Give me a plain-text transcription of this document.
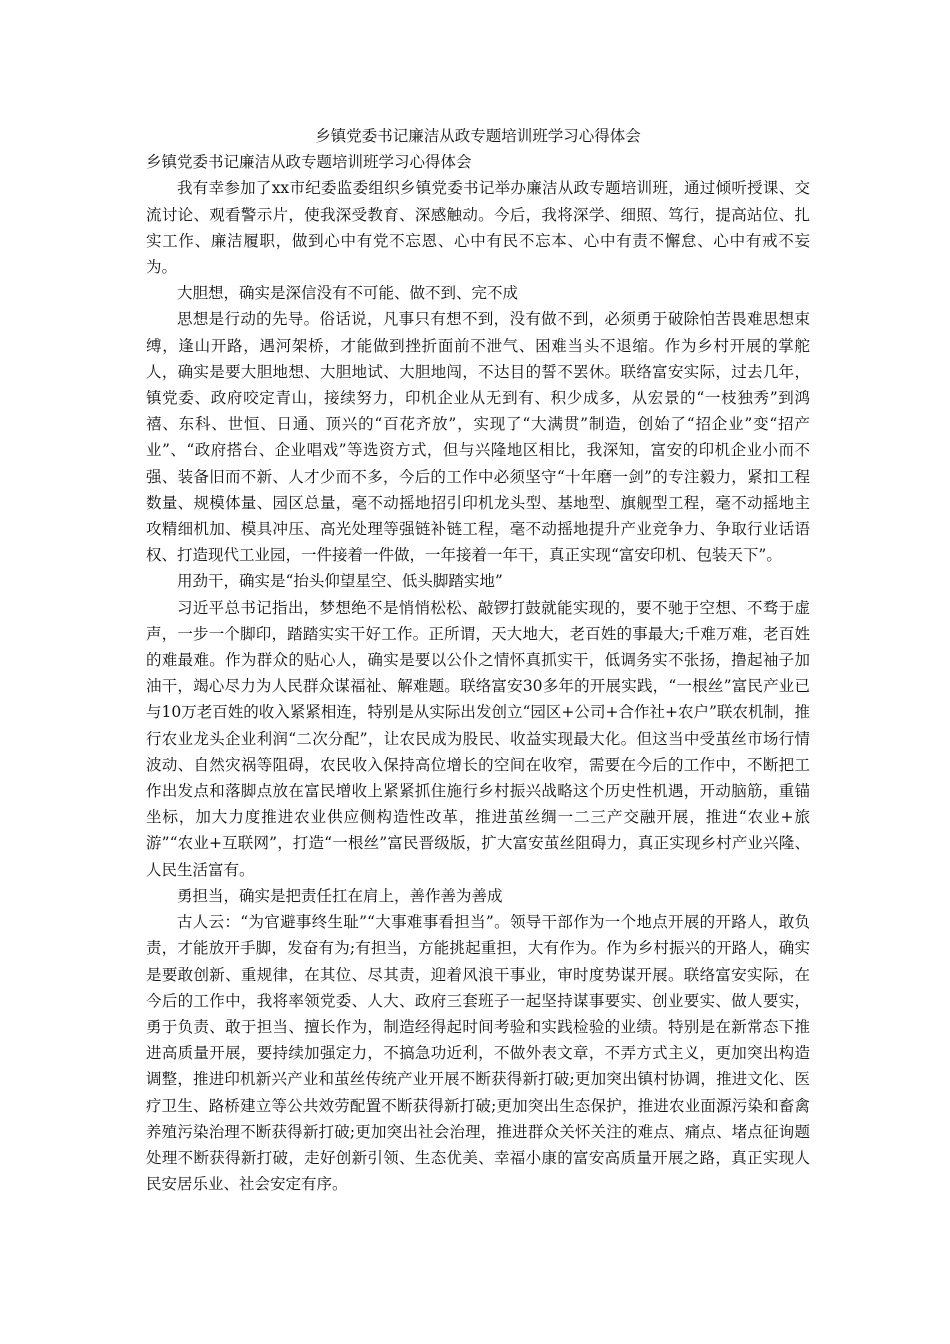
乡镇党委书记廉洁从政专题培训班学习心得体会

乡镇党委书记廉洁从政专题培训班学习心得体会

我有幸参加了xx市纪委监委组织乡镇党委书记举办廉洁从政专题培训班，通过倾听授课、交流讨论、观看警示片，使我深受教育、深感触动。今后，我将深学、细照、笃行，提高站位、扎实工作、廉洁履职，做到心中有党不忘恩、心中有民不忘本、心中有责不懈怠、心中有戒不妄为。

大胆想，确实是深信没有不可能、做不到、完不成

思想是行动的先导。俗话说，凡事只有想不到，没有做不到，必须勇于破除怕苦畏难思想束缚，逢山开路，遇河架桥，才能做到挫折面前不泄气、困难当头不退缩。作为乡村开展的掌舵人，确实是要大胆地想、大胆地试、大胆地闯，不达目的誓不罢休。联络富安实际，过去几年，镇党委、政府咬定青山，接续努力，印机企业从无到有、积少成多，从宏景的“一枝独秀”到鸿禧、东科、世恒、日通、顶兴的“百花齐放”，实现了“大满贯”制造，创始了“招企业”变“招产业”、“政府搭台、企业唱戏”等选资方式，但与兴隆地区相比，我深知，富安的印机企业小而不强、装备旧而不新、人才少而不多，今后的工作中必须坚守“十年磨一剑”的专注毅力，紧扣工程数量、规模体量、园区总量，毫不动摇地招引印机龙头型、基地型、旗舰型工程，毫不动摇地主攻精细机加、模具冲压、高光处理等强链补链工程，毫不动摇地提升产业竞争力、争取行业话语权、打造现代工业园，一件接着一件做，一年接着一年干，真正实现“富安印机、包装天下”。

用劲干，确实是“抬头仰望星空、低头脚踏实地”

习近平总书记指出，梦想绝不是悄悄松松、敲锣打鼓就能实现的，要不驰于空想、不骛于虚声，一步一个脚印，踏踏实实干好工作。正所谓，天大地大，老百姓的事最大;千难万难，老百姓的难最难。作为群众的贴心人，确实是要以公仆之情怀真抓实干，低调务实不张扬，撸起袖子加油干，竭心尽力为人民群众谋福祉、解难题。联络富安30多年的开展实践，“一根丝”富民产业已与10万老百姓的收入紧紧相连，特别是从实际出发创立“园区+公司+合作社+农户”联农机制，推行农业龙头企业利润“二次分配”，让农民成为股民、收益实现最大化。但这当中受茧丝市场行情波动、自然灾祸等阻碍，农民收入保持高位增长的空间在收窄，需要在今后的工作中，不断把工作出发点和落脚点放在富民增收上紧紧抓住施行乡村振兴战略这个历史性机遇，开动脑筋，重锚坐标，加大力度推进农业供应侧构造性改革，推进茧丝绸一二三产交融开展，推进“农业+旅游”“农业+互联网”，打造“一根丝”富民晋级版，扩大富安茧丝阻碍力，真正实现乡村产业兴隆、人民生活富有。

勇担当，确实是把责任扛在肩上，善作善为善成

古人云：“为官避事终生耻”“大事难事看担当”。领导干部作为一个地点开展的开路人，敢负责，才能放开手脚，发奋有为;有担当，方能挑起重担，大有作为。作为乡村振兴的开路人，确实是要敢创新、重规律，在其位、尽其责，迎着风浪干事业，审时度势谋开展。联络富安实际，在今后的工作中，我将率领党委、人大、政府三套班子一起坚持谋事要实、创业要实、做人要实，勇于负责、敢于担当、擅长作为，制造经得起时间考验和实践检验的业绩。特别是在新常态下推进高质量开展，要持续加强定力，不搞急功近利，不做外表文章，不弄方式主义，更加突出构造调整，推进印机新兴产业和茧丝传统产业开展不断获得新打破;更加突出镇村协调，推进文化、医疗卫生、路桥建立等公共效劳配置不断获得新打破;更加突出生态保护，推进农业面源污染和畜禽养殖污染治理不断获得新打破;更加突出社会治理，推进群众关怀关注的难点、痛点、堵点征询题处理不断获得新打破，走好创新引领、生态优美、幸福小康的富安高质量开展之路，真正实现人民安居乐业、社会安定有序。
